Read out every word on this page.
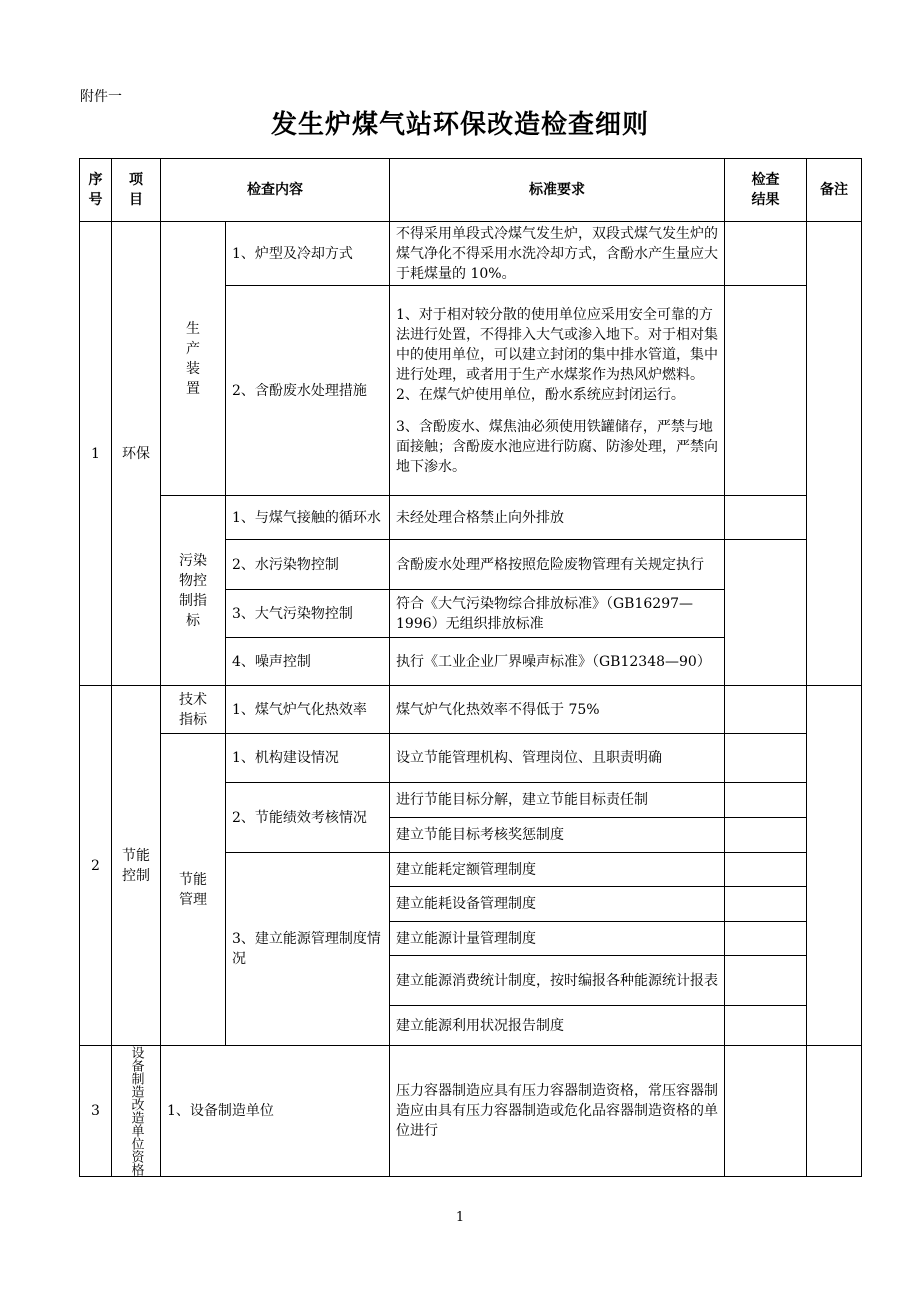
附件一
发生炉煤气站环保改造检查细则
序号	项目	检查内容		标准要求	检查结果	备注
1	环保	生产装置	1、炉型及冷却方式	不得采用单段式冷煤气发生炉，双段式煤气发生炉的煤气净化不得采用水洗冷却方式，含酚水产生量应大于耗煤量的 10%。		
			2、含酚废水处理措施	1、对于相对较分散的使用单位应采用安全可靠的方法进行处置，不得排入大气或渗入地下。对于相对集中的使用单位，可以建立封闭的集中排水管道，集中进行处理，或者用于生产水煤浆作为热风炉燃料。

2、在煤气炉使用单位，酚水系统应封闭运行。

3、含酚废水、煤焦油必须使用铁罐储存，严禁与地面接触；含酚废水池应进行防腐、防渗处理，严禁向地下渗水。		

		污染物控制指标	1、与煤气接触的循环水	未经处理合格禁止向外排放		
			2、水污染物控制	含酚废水处理严格按照危险废物管理有关规定执行		
			3、大气污染物控制	符合《大气污染物综合排放标准》（GB16297—1996）无组织排放标准		
			4、噪声控制	执行《工业企业厂界噪声标准》（GB12348—90）		
2	节能控制	技术指标	1、煤气炉气化热效率	煤气炉气化热效率不得低于 75%		

		节能管理	1、机构建设情况	设立节能管理机构、管理岗位、且职责明确		
			2、节能绩效考核情况	进行节能目标分解，建立节能目标责任制		
				建立节能目标考核奖惩制度		
			3、建立能源管理制度情况	建立能耗定额管理制度		
				建立能耗设备管理制度		
				建立能源计量管理制度		
				建立能源消费统计制度，按时编报各种能源统计报表		
				建立能源利用状况报告制度		
3	设备制造改造单位资格	1、设备制造单位		压力容器制造应具有压力容器制造资格，常压容器制造应由具有压力容器制造或危化品容器制造资格的单位进行		
1
